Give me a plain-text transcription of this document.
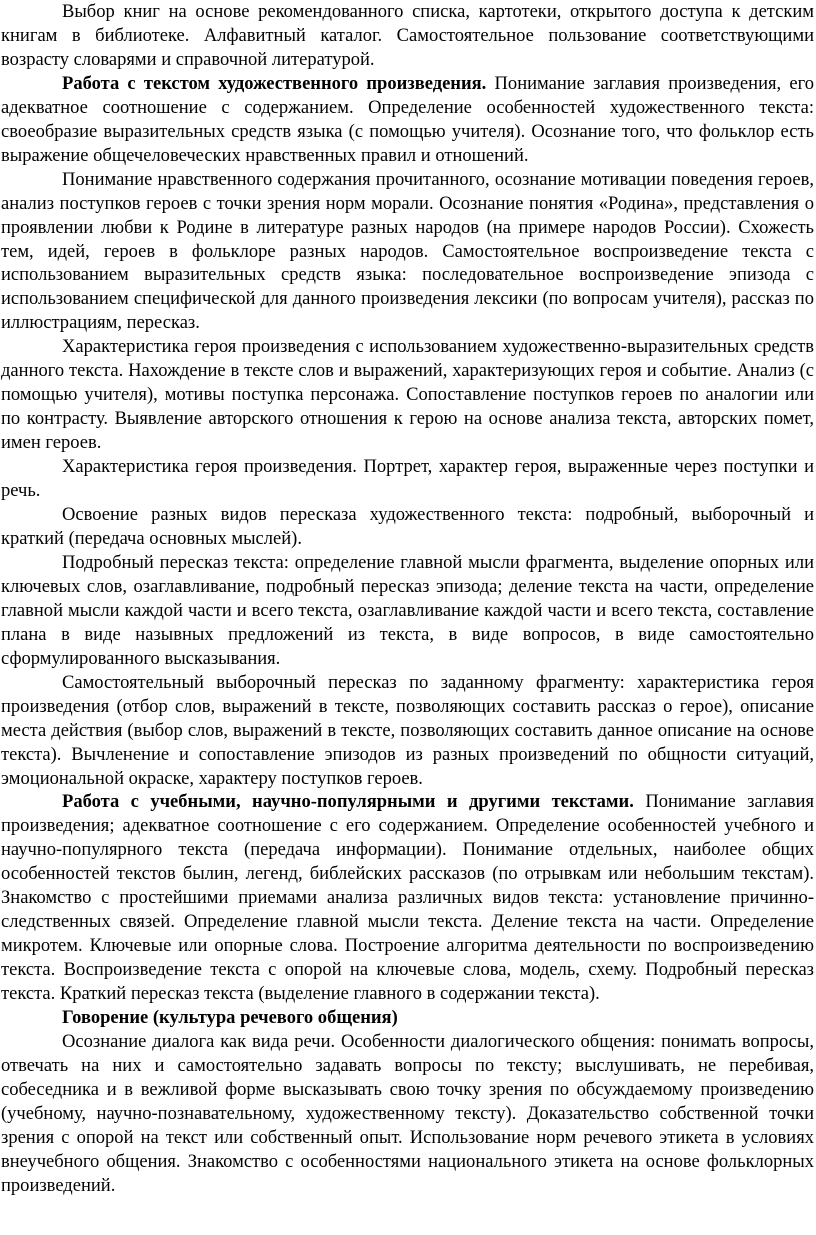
Выбор книг на основе рекомендованного списка, картотеки, открытого доступа к детским книгам в библиотеке. Алфавитный каталог. Самостоятельное пользование соответствующими возрасту словарями и справочной литературой.

Работа с текстом художественного произведения. Понимание заглавия произведения, его адекватное соотношение с содержанием. Определение особенностей художественного текста: своеобразие выразительных средств языка (с помощью учителя). Осознание того, что фольклор есть выражение общечеловеческих нравственных правил и отношений.

Понимание нравственного содержания прочитанного, осознание мотивации поведения героев, анализ поступков героев с точки зрения норм морали. Осознание понятия «Родина», представления о проявлении любви к Родине в литературе разных народов (на примере народов России). Схожесть тем, идей, героев в фольклоре разных народов. Самостоятельное воспроизведение текста с использованием выразительных средств языка: последовательное воспроизведение эпизода с использованием специфической для данного произведения лексики (по вопросам учителя), рассказ по иллюстрациям, пересказ.

Характеристика героя произведения с использованием художественно-выразительных средств данного текста. Нахождение в тексте слов и выражений, характеризующих героя и событие. Анализ (с помощью учителя), мотивы поступка персонажа. Сопоставление поступков героев по аналогии или по контрасту. Выявление авторского отношения к герою на основе анализа текста, авторских помет, имен героев.

Характеристика героя произведения. Портрет, характер героя, выраженные через поступки и речь.

Освоение разных видов пересказа художественного текста: подробный, выборочный и краткий (передача основных мыслей).

Подробный пересказ текста: определение главной мысли фрагмента, выделение опорных или ключевых слов, озаглавливание, подробный пересказ эпизода; деление текста на части, определение главной мысли каждой части и всего текста, озаглавливание каждой части и всего текста, составление плана в виде назывных предложений из текста, в виде вопросов, в виде самостоятельно сформулированного высказывания.

Самостоятельный выборочный пересказ по заданному фрагменту: характеристика героя произведения (отбор слов, выражений в тексте, позволяющих составить рассказ о герое), описание места действия (выбор слов, выражений в тексте, позволяющих составить данное описание на основе текста). Вычленение и сопоставление эпизодов из разных произведений по общности ситуаций, эмоциональной окраске, характеру поступков героев.

Работа с учебными, научно-популярными и другими текстами. Понимание заглавия произведения; адекватное соотношение с его содержанием. Определение особенностей учебного и научно-популярного текста (передача информации). Понимание отдельных, наиболее общих особенностей текстов былин, легенд, библейских рассказов (по отрывкам или небольшим текстам). Знакомство с простейшими приемами анализа различных видов текста: установление причинно-следственных связей. Определение главной мысли текста. Деление текста на части. Определение микротем. Ключевые или опорные слова. Построение алгоритма деятельности по воспроизведению текста. Воспроизведение текста с опорой на ключевые слова, модель, схему. Подробный пересказ текста. Краткий пересказ текста (выделение главного в содержании текста).

Говорение (культура речевого общения)

Осознание диалога как вида речи. Особенности диалогического общения: понимать вопросы, отвечать на них и самостоятельно задавать вопросы по тексту; выслушивать, не перебивая, собеседника и в вежливой форме высказывать свою точку зрения по обсуждаемому произведению (учебному, научно-познавательному, художественному тексту). Доказательство собственной точки зрения с опорой на текст или собственный опыт. Использование норм речевого этикета в условиях внеучебного общения. Знакомство с особенностями национального этикета на основе фольклорных произведений.
